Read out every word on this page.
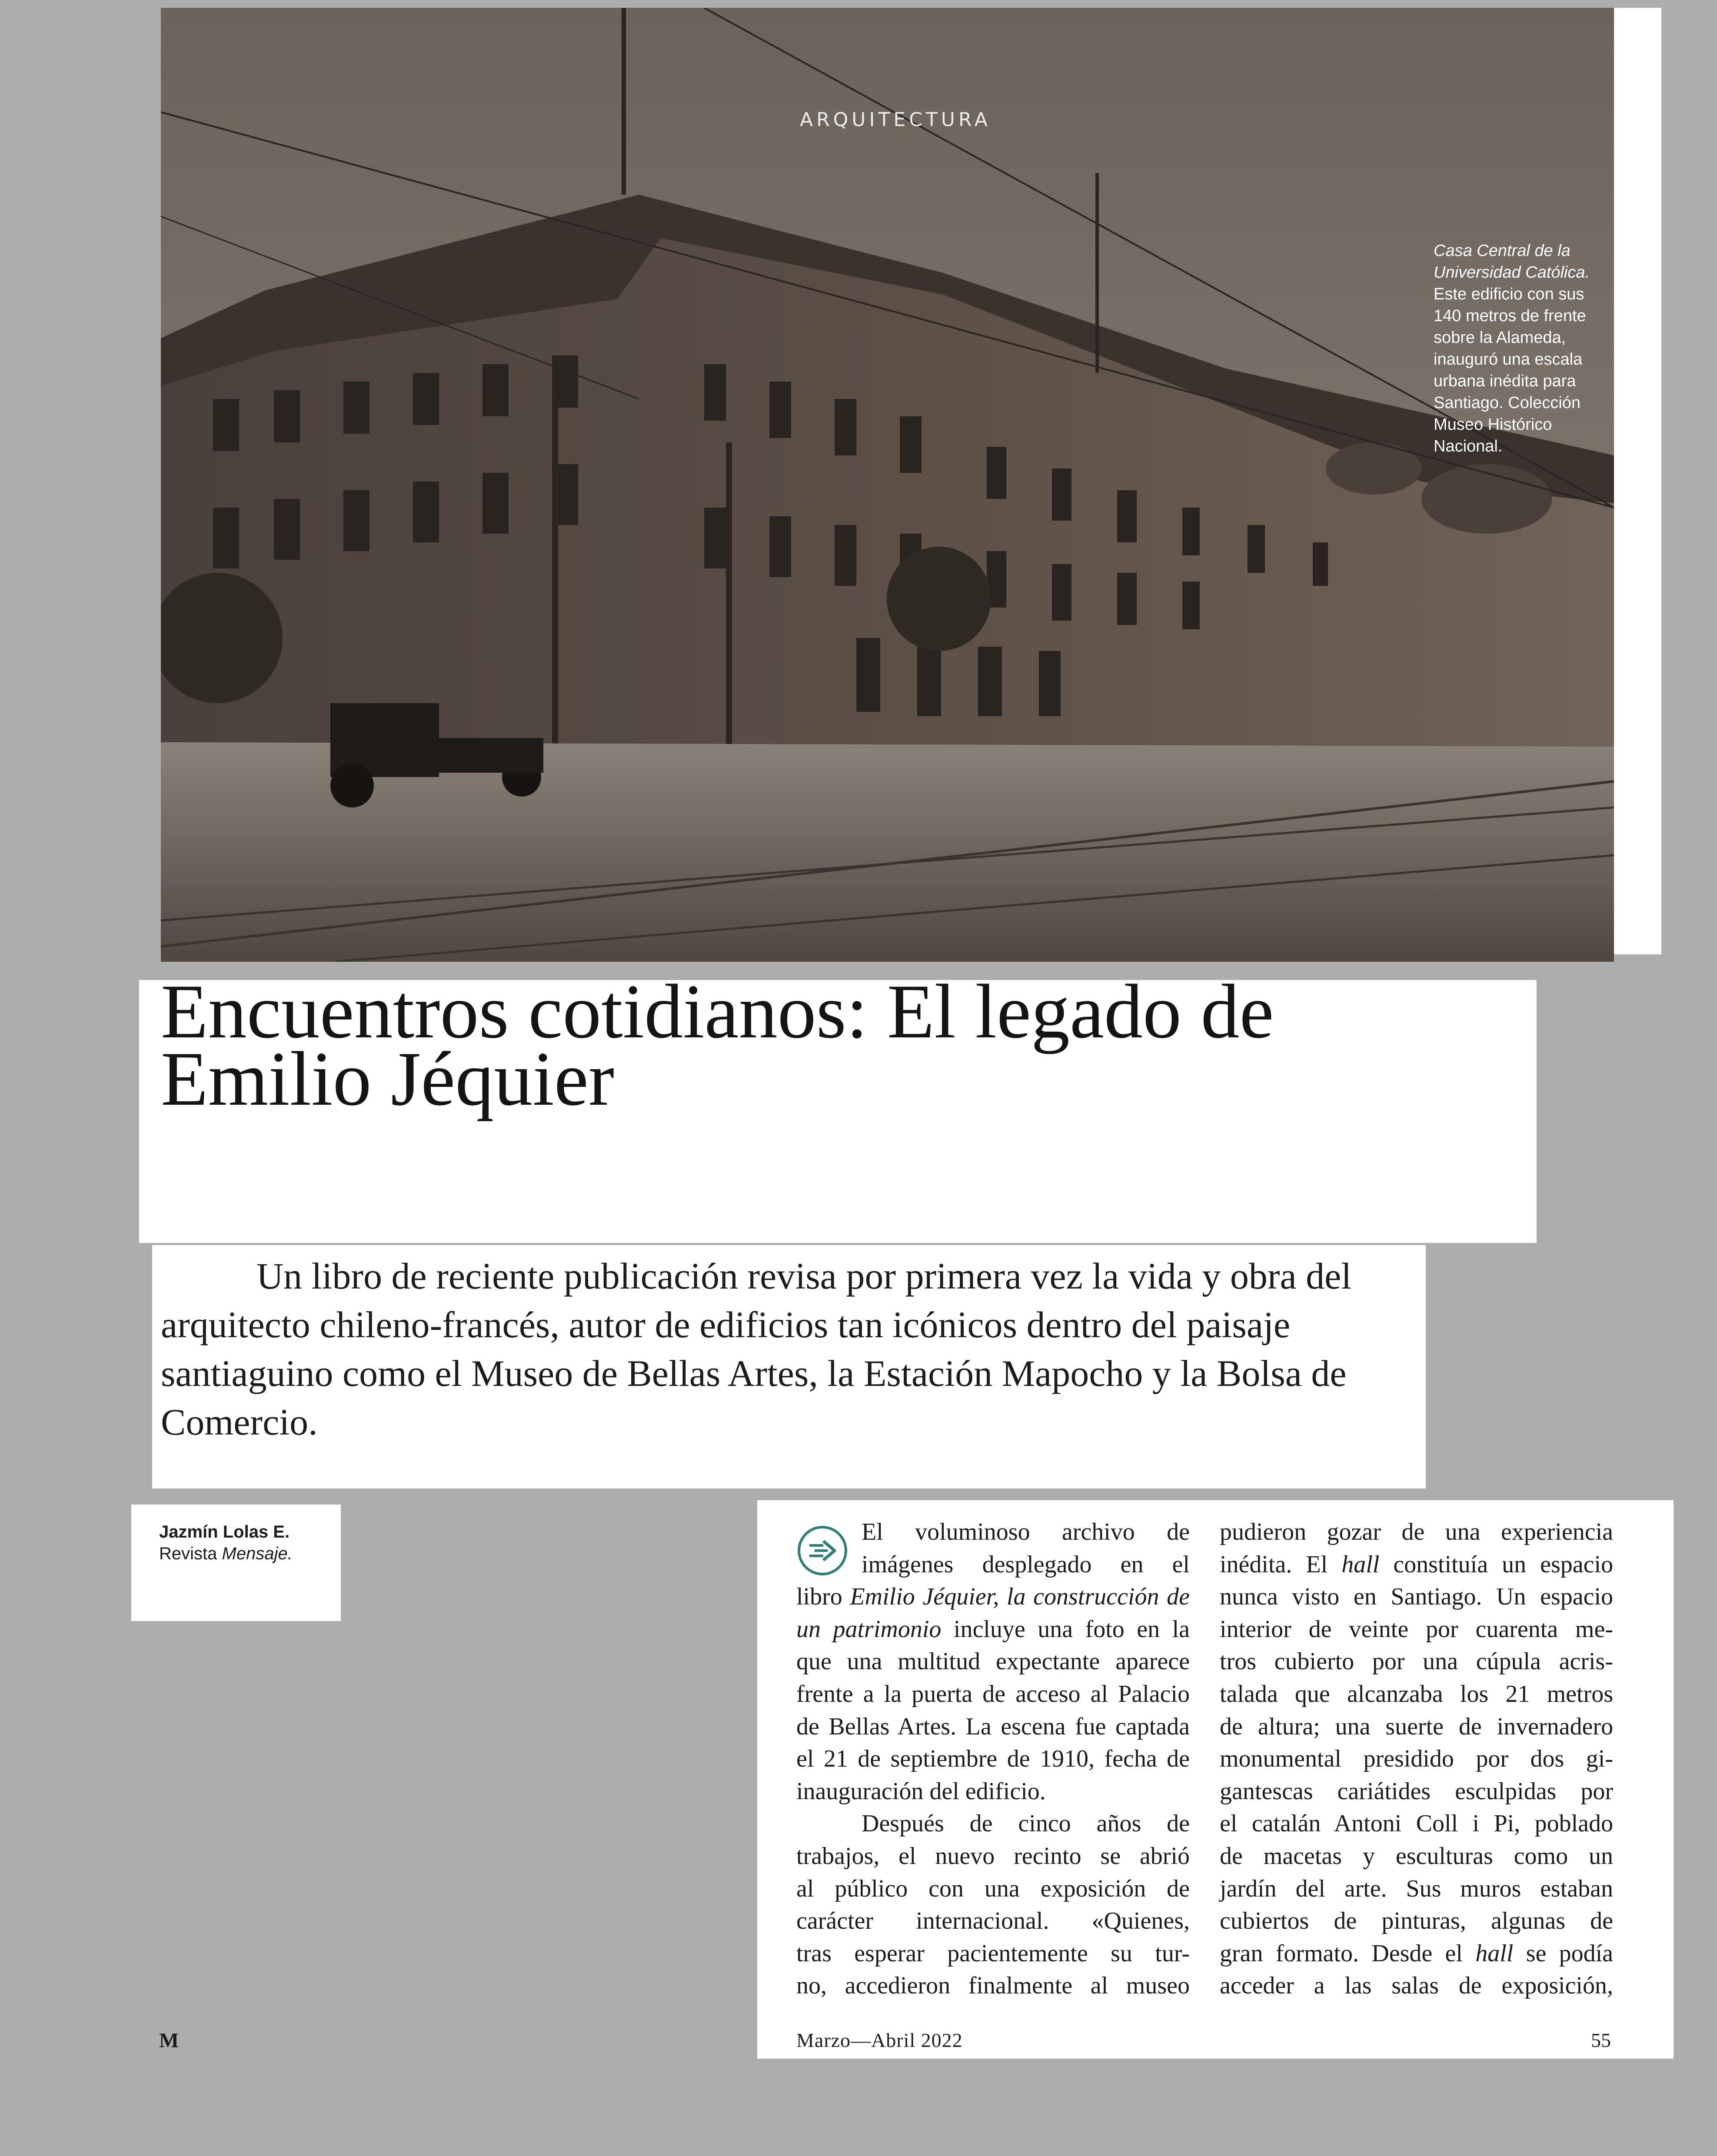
ARQUITECTURA
Casa Central de la
Universidad Católica.
Este edificio con sus
140 metros de frente
sobre la Alameda,
inauguró una escala
urbana inédita para
Santiago. Colección
Museo Histórico
Nacional.
Encuentros cotidianos: El legado de
Emilio Jéquier

Un libro de reciente publicación revisa por primera vez la vida y obra del arquitecto chileno-francés, autor de edificios tan icónicos dentro del paisaje santiaguino como el Museo de Bellas Artes, la Estación Mapocho y la Bolsa de Comercio.

Jazmín Lolas E.
Revista Mensaje.
El voluminoso archivo de
imágenes desplegado en el
libro Emilio Jéquier, la construcción de
un patrimonio incluye una foto en la
que una multitud expectante aparece
frente a la puerta de acceso al Palacio
de Bellas Artes. La escena fue captada
el 21 de septiembre de 1910, fecha de
inauguración del edificio.
Después de cinco años de
trabajos, el nuevo recinto se abrió
al público con una exposición de
carácter internacional. «Quienes,
tras esperar pacientemente su tur-
no, accedieron finalmente al museo
pudieron gozar de una experiencia
inédita. El hall constituía un espacio
nunca visto en Santiago. Un espacio
interior de veinte por cuarenta me-
tros cubierto por una cúpula acris-
talada que alcanzaba los 21 metros
de altura; una suerte de invernadero
monumental presidido por dos gi-
gantescas cariátides esculpidas por
el catalán Antoni Coll i Pi, poblado
de macetas y esculturas como un
jardín del arte. Sus muros estaban
cubiertos de pinturas, algunas de
gran formato. Desde el hall se podía
acceder a las salas de exposición,
M	Marzo—Abril 2022	55
